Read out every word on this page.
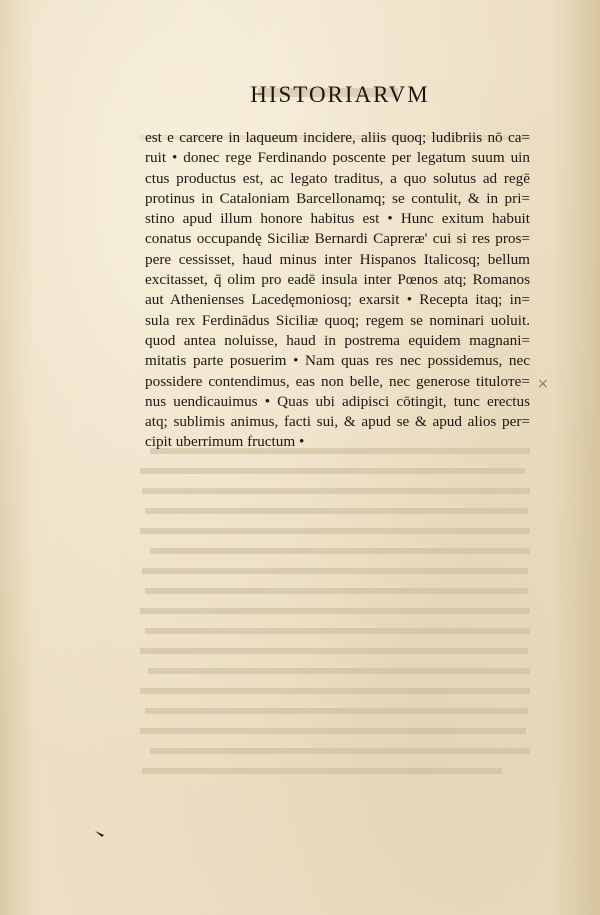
HISTORIARVM
est e carcere in laqueum incidere, aliis quoq; ludibriis nō ca=
ruit • donec rege Ferdinando poscente per legatum suum uin
ctus productus est, ac legato traditus, a quo solutus ad regē
protinus in Cataloniam Barcellonamq; se contulit, & in pri=
stino apud illum honore habitus est • Hunc exitum habuit
conatus occupandę Siciliæ Bernardi Capreræ' cui si res pros=
pere cessisset, haud minus inter Hispanos Italicosq; bellum
excitasset, q̄ olim pro eadē insula inter Pœnos atq; Romanos
aut Athenienses Lacedęmoniosq; exarsit • Recepta itaq; in=
sula rex Ferdinādus Siciliæ quoq; regem se nominari uoluit.
quod antea noluisse, haud in postrema equidem magnani=
mitatis parte posuerim • Nam quas res nec possidemus, nec
possidere contendimus, eas non belle, nec generose tituloте=
nus uendicauimus • Quas ubi adipisci cōtingit, tunc erectus
atq; sublimis animus, facti sui, & apud se & apud alios per=
cipit uberrimum fructum •
×
